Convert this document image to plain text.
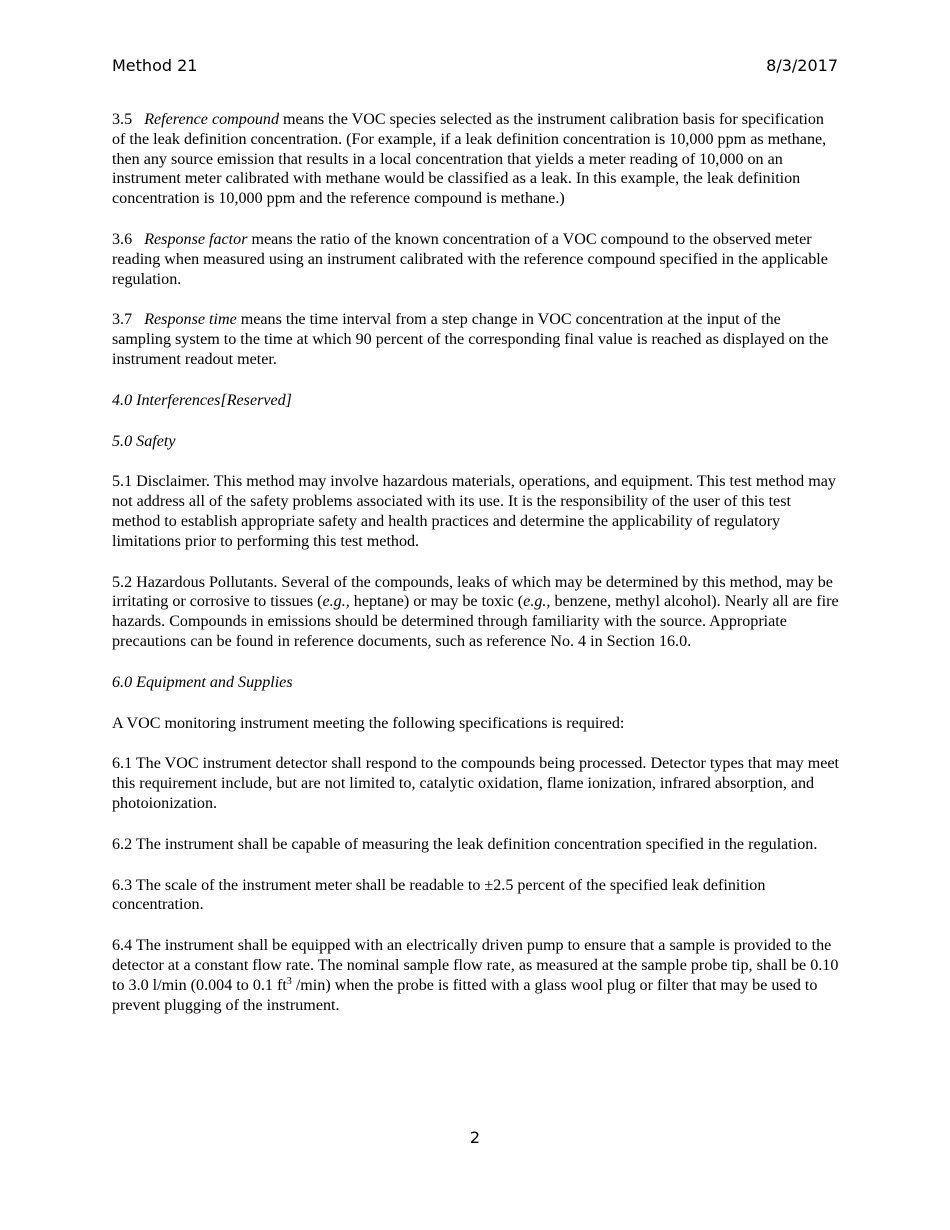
Method 21	8/3/2017

3.5 Reference compound means the VOC species selected as the instrument calibration basis for specification of the leak definition concentration. (For example, if a leak definition concentration is 10,000 ppm as methane, then any source emission that results in a local concentration that yields a meter reading of 10,000 on an instrument meter calibrated with methane would be classified as a leak. In this example, the leak definition concentration is 10,000 ppm and the reference compound is methane.)

3.6 Response factor means the ratio of the known concentration of a VOC compound to the observed meter reading when measured using an instrument calibrated with the reference compound specified in the applicable regulation.

3.7 Response time means the time interval from a step change in VOC concentration at the input of the sampling system to the time at which 90 percent of the corresponding final value is reached as displayed on the instrument readout meter.

4.0 Interferences[Reserved]

5.0 Safety

5.1 Disclaimer. This method may involve hazardous materials, operations, and equipment. This test method may not address all of the safety problems associated with its use. It is the responsibility of the user of this test method to establish appropriate safety and health practices and determine the applicability of regulatory limitations prior to performing this test method.

5.2 Hazardous Pollutants. Several of the compounds, leaks of which may be determined by this method, may be irritating or corrosive to tissues (e.g., heptane) or may be toxic (e.g., benzene, methyl alcohol). Nearly all are fire hazards. Compounds in emissions should be determined through familiarity with the source. Appropriate precautions can be found in reference documents, such as reference No. 4 in Section 16.0.

6.0 Equipment and Supplies

A VOC monitoring instrument meeting the following specifications is required:

6.1 The VOC instrument detector shall respond to the compounds being processed. Detector types that may meet this requirement include, but are not limited to, catalytic oxidation, flame ionization, infrared absorption, and photoionization.

6.2 The instrument shall be capable of measuring the leak definition concentration specified in the regulation.

6.3 The scale of the instrument meter shall be readable to ±2.5 percent of the specified leak definition concentration.

6.4 The instrument shall be equipped with an electrically driven pump to ensure that a sample is provided to the detector at a constant flow rate. The nominal sample flow rate, as measured at the sample probe tip, shall be 0.10 to 3.0 l/min (0.004 to 0.1 $ft^3$ /min) when the probe is fitted with a glass wool plug or filter that may be used to prevent plugging of the instrument.

2
